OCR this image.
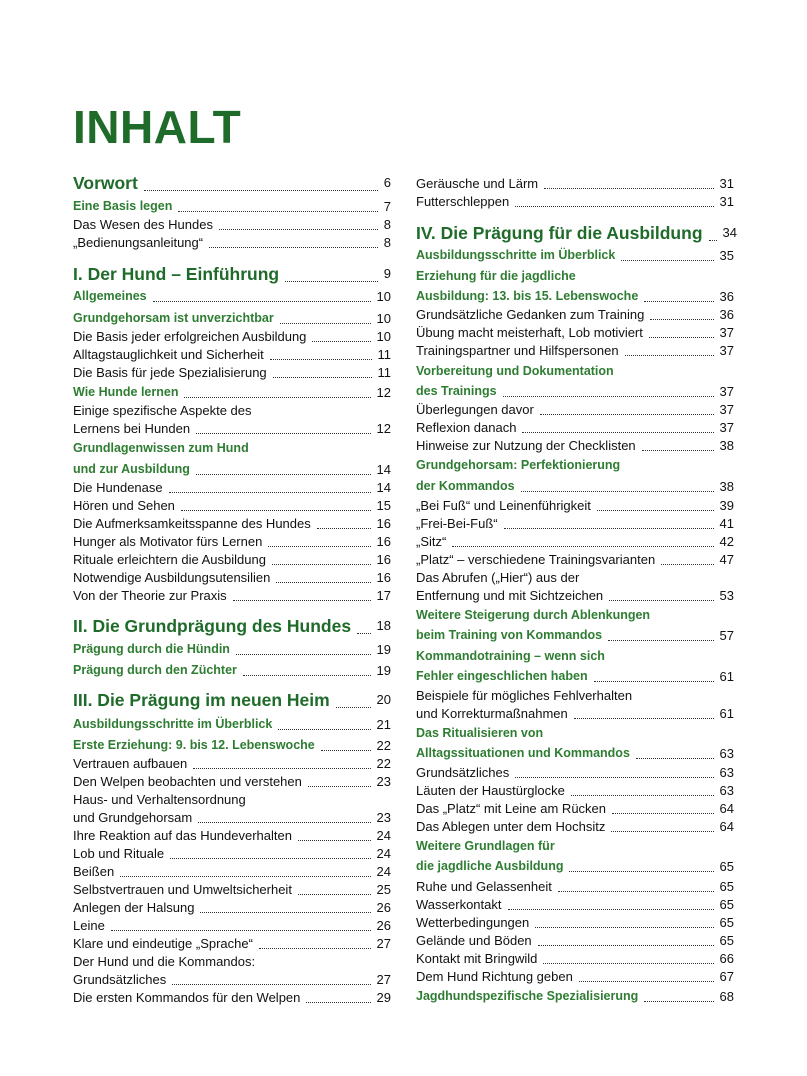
INHALT
Vorwort	6
Eine Basis legen	7
Das Wesen des Hundes	8
„Bedienungsanleitung“	8
I. Der Hund – Einführung	9
Allgemeines	10
Grundgehorsam ist unverzichtbar	10
Die Basis jeder erfolgreichen Ausbildung	10
Alltagstauglichkeit und Sicherheit	11
Die Basis für jede Spezialisierung	11
Wie Hunde lernen	12
Einige spezifische Aspekte des
Lernens bei Hunden	12
Grundlagenwissen zum Hund
und zur Ausbildung	14
Die Hundenase	14
Hören und Sehen	15
Die Aufmerksamkeitsspanne des Hundes	16
Hunger als Motivator fürs Lernen	16
Rituale erleichtern die Ausbildung	16
Notwendige Ausbildungsutensilien	16
Von der Theorie zur Praxis	17
II. Die Grundprägung des Hundes 18
Prägung durch die Hündin	19
Prägung durch den Züchter	19
III. Die Prägung im neuen Heim	20
Ausbildungsschritte im Überblick	21
Erste Erziehung: 9. bis 12. Lebenswoche	22
Vertrauen aufbauen	22
Den Welpen beobachten und verstehen	23
Haus- und Verhaltensordnung
und Grundgehorsam	23
Ihre Reaktion auf das Hundeverhalten	24
Lob und Rituale	24
Beißen	24
Selbstvertrauen und Umweltsicherheit	25
Anlegen der Halsung	26
Leine	26
Klare und eindeutige „Sprache“	27
Der Hund und die Kommandos:
Grundsätzliches	27
Die ersten Kommandos für den Welpen	29
Geräusche und Lärm	31
Futterschleppen	31
IV. Die Prägung für die Ausbildung 34
Ausbildungsschritte im Überblick	35
Erziehung für die jagdliche
Ausbildung: 13. bis 15. Lebenswoche	36
Grundsätzliche Gedanken zum Training	36
Übung macht meisterhaft, Lob motiviert	37
Trainingspartner und Hilfspersonen	37
Vorbereitung und Dokumentation
des Trainings	37
Überlegungen davor	37
Reflexion danach	37
Hinweise zur Nutzung der Checklisten	38
Grundgehorsam: Perfektionierung
der Kommandos	38
„Bei Fuß“ und Leinenführigkeit	39
„Frei-Bei-Fuß“	41
„Sitz“	42
„Platz“ – verschiedene Trainingsvarianten	47
Das Abrufen („Hier“) aus der
Entfernung und mit Sichtzeichen	53
Weitere Steigerung durch Ablenkungen
beim Training von Kommandos	57
Kommandotraining – wenn sich
Fehler eingeschlichen haben	61
Beispiele für mögliches Fehlverhalten
und Korrekturmaßnahmen	61
Das Ritualisieren von
Alltagssituationen und Kommandos	63
Grundsätzliches	63
Läuten der Haustürglocke	63
Das „Platz“ mit Leine am Rücken	64
Das Ablegen unter dem Hochsitz	64
Weitere Grundlagen für
die jagdliche Ausbildung	65
Ruhe und Gelassenheit	65
Wasserkontakt	65
Wetterbedingungen	65
Gelände und Böden	65
Kontakt mit Bringwild	66
Dem Hund Richtung geben	67
Jagdhundspezifische Spezialisierung	68
